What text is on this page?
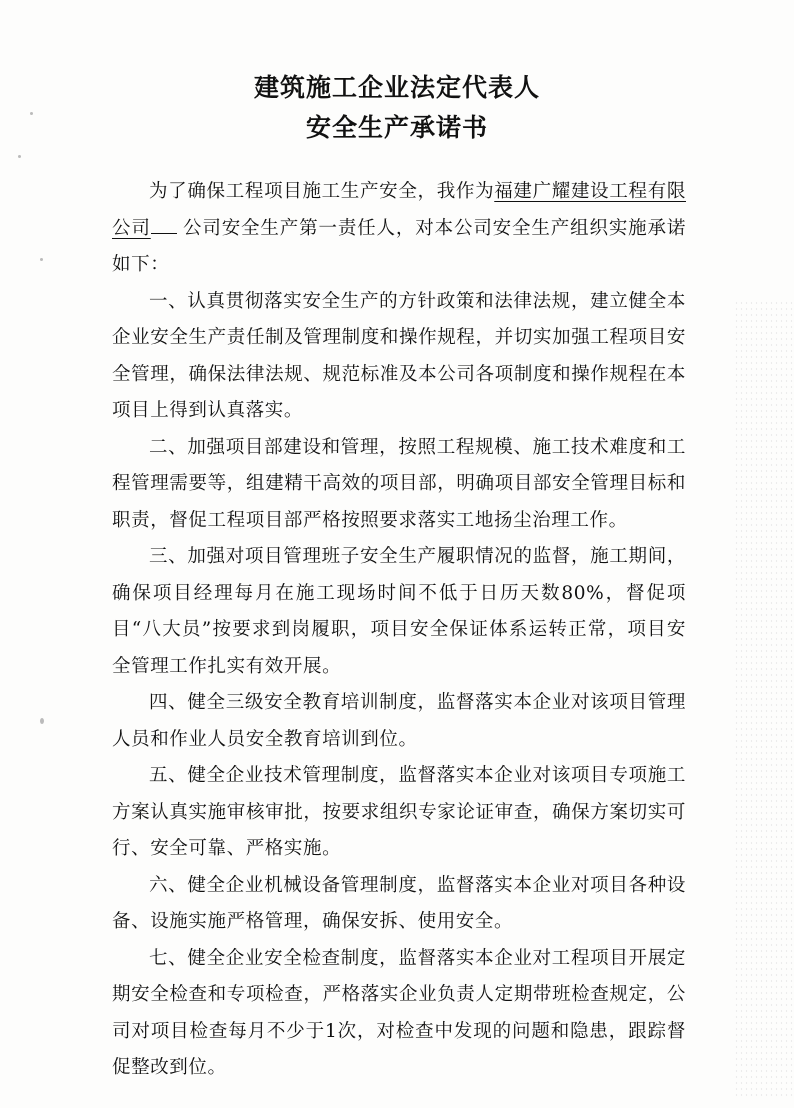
建筑施工企业法定代表人
安全生产承诺书

为了确保工程项目施工生产安全，我作为福建广耀建设工程有限公司 公司安全生产第一责任人，对本公司安全生产组织实施承诺如下：

一、认真贯彻落实安全生产的方针政策和法律法规，建立健全本企业安全生产责任制及管理制度和操作规程，并切实加强工程项目安全管理，确保法律法规、规范标准及本公司各项制度和操作规程在本项目上得到认真落实。

二、加强项目部建设和管理，按照工程规模、施工技术难度和工程管理需要等，组建精干高效的项目部，明确项目部安全管理目标和职责，督促工程项目部严格按照要求落实工地扬尘治理工作。

三、加强对项目管理班子安全生产履职情况的监督，施工期间，确保项目经理每月在施工现场时间不低于日历天数80%，督促项目“八大员”按要求到岗履职，项目安全保证体系运转正常，项目安全管理工作扎实有效开展。

四、健全三级安全教育培训制度，监督落实本企业对该项目管理人员和作业人员安全教育培训到位。

五、健全企业技术管理制度，监督落实本企业对该项目专项施工方案认真实施审核审批，按要求组织专家论证审查，确保方案切实可行、安全可靠、严格实施。

六、健全企业机械设备管理制度，监督落实本企业对项目各种设备、设施实施严格管理，确保安拆、使用安全。

七、健全企业安全检查制度，监督落实本企业对工程项目开展定期安全检查和专项检查，严格落实企业负责人定期带班检查规定，公司对项目检查每月不少于1次，对检查中发现的问题和隐患，跟踪督促整改到位。
